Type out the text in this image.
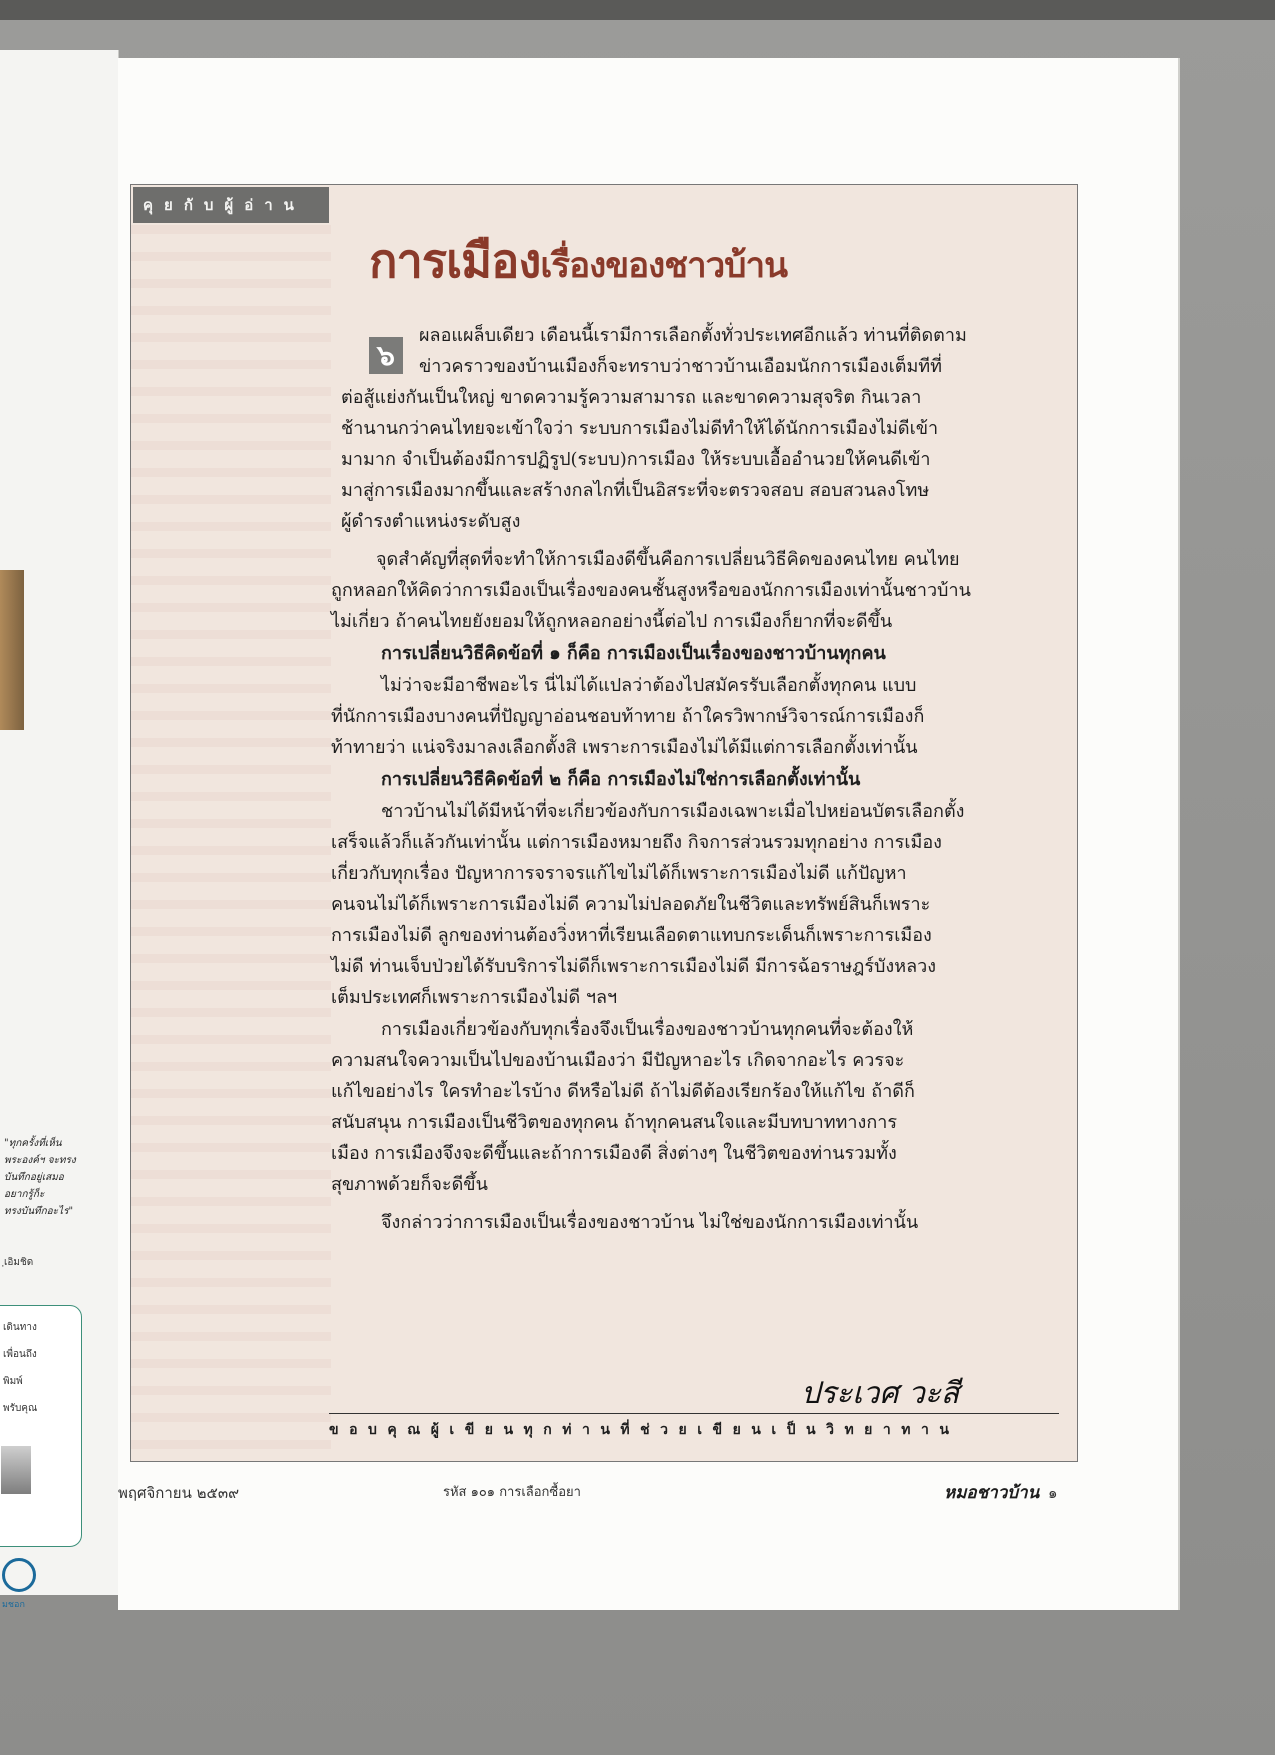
"ทุกครั้งที่เห็น
พระองค์ฯ จะทรง
บันทึกอยู่เสมอ
อยากรู้ก็ะ
ทรงบันทึกอะไร"
ฺเอิมชิด
เดินทาง
เพื่อนถึง
พิมพ์
พรับคุณ
มชอก
คุยกับผู้อ่าน
การเมืองเรื่องของชาวบ้าน
๖
ผลอแผล็บเดียว เดือนนี้เรามีการเลือกตั้งทั่วประเทศอีกแล้ว ท่านที่ติดตาม
ข่าวคราวของบ้านเมืองก็จะทราบว่าชาวบ้านเอือมนักการเมืองเต็มทีที่
ต่อสู้แย่งกันเป็นใหญ่ ขาดความรู้ความสามารถ และขาดความสุจริต กินเวลา
ช้านานกว่าคนไทยจะเข้าใจว่า ระบบการเมืองไม่ดีทำให้ได้นักการเมืองไม่ดีเข้า
มามาก จำเป็นต้องมีการปฏิรูป(ระบบ)การเมือง ให้ระบบเอื้ออำนวยให้คนดีเข้า
มาสู่การเมืองมากขึ้นและสร้างกลไกที่เป็นอิสระที่จะตรวจสอบ สอบสวนลงโทษ
ผู้ดำรงตำแหน่งระดับสูง
จุดสำคัญที่สุดที่จะทำให้การเมืองดีขึ้นคือการเปลี่ยนวิธีคิดของคนไทย คนไทย
ถูกหลอกให้คิดว่าการเมืองเป็นเรื่องของคนชั้นสูงหรือของนักการเมืองเท่านั้นชาวบ้าน
ไม่เกี่ยว ถ้าคนไทยยังยอมให้ถูกหลอกอย่างนี้ต่อไป การเมืองก็ยากที่จะดีขึ้น
การเปลี่ยนวิธีคิดข้อที่ ๑ ก็คือ การเมืองเป็นเรื่องของชาวบ้านทุกคน
ไม่ว่าจะมีอาชีพอะไร นี่ไม่ได้แปลว่าต้องไปสมัครรับเลือกตั้งทุกคน แบบ
ที่นักการเมืองบางคนที่ปัญญาอ่อนชอบท้าทาย ถ้าใครวิพากษ์วิจารณ์การเมืองก็
ท้าทายว่า แน่จริงมาลงเลือกตั้งสิ เพราะการเมืองไม่ได้มีแต่การเลือกตั้งเท่านั้น
การเปลี่ยนวิธีคิดข้อที่ ๒ ก็คือ การเมืองไม่ใช่การเลือกตั้งเท่านั้น
ชาวบ้านไม่ได้มีหน้าที่จะเกี่ยวข้องกับการเมืองเฉพาะเมื่อไปหย่อนบัตรเลือกตั้ง
เสร็จแล้วก็แล้วกันเท่านั้น แต่การเมืองหมายถึง กิจการส่วนรวมทุกอย่าง การเมือง
เกี่ยวกับทุกเรื่อง ปัญหาการจราจรแก้ไขไม่ได้ก็เพราะการเมืองไม่ดี แก้ปัญหา
คนจนไม่ได้ก็เพราะการเมืองไม่ดี ความไม่ปลอดภัยในชีวิตและทรัพย์สินก็เพราะ
การเมืองไม่ดี ลูกของท่านต้องวิ่งหาที่เรียนเลือดตาแทบกระเด็นก็เพราะการเมือง
ไม่ดี ท่านเจ็บป่วยได้รับบริการไม่ดีก็เพราะการเมืองไม่ดี มีการฉ้อราษฎร์บังหลวง
เต็มประเทศก็เพราะการเมืองไม่ดี ฯลฯ
การเมืองเกี่ยวข้องกับทุกเรื่องจึงเป็นเรื่องของชาวบ้านทุกคนที่จะต้องให้
ความสนใจความเป็นไปของบ้านเมืองว่า มีปัญหาอะไร เกิดจากอะไร ควรจะ
แก้ไขอย่างไร ใครทำอะไรบ้าง ดีหรือไม่ดี ถ้าไม่ดีต้องเรียกร้องให้แก้ไข ถ้าดีก็
สนับสนุน การเมืองเป็นชีวิตของทุกคน ถ้าทุกคนสนใจและมีบทบาททางการ
เมือง การเมืองจึงจะดีขึ้นและถ้าการเมืองดี สิ่งต่างๆ ในชีวิตของท่านรวมทั้ง
สุขภาพด้วยก็จะดีขึ้น
จึงกล่าวว่าการเมืองเป็นเรื่องของชาวบ้าน ไม่ใช่ของนักการเมืองเท่านั้น
ประเวศ วะสี
ขอบคุณผู้เขียนทุกท่านที่ช่วยเขียนเป็นวิทยาทาน
พฤศจิกายน ๒๕๓๙	รหัส ๑๐๑ การเลือกซื้อยา	หมอชาวบ้าน ๑
